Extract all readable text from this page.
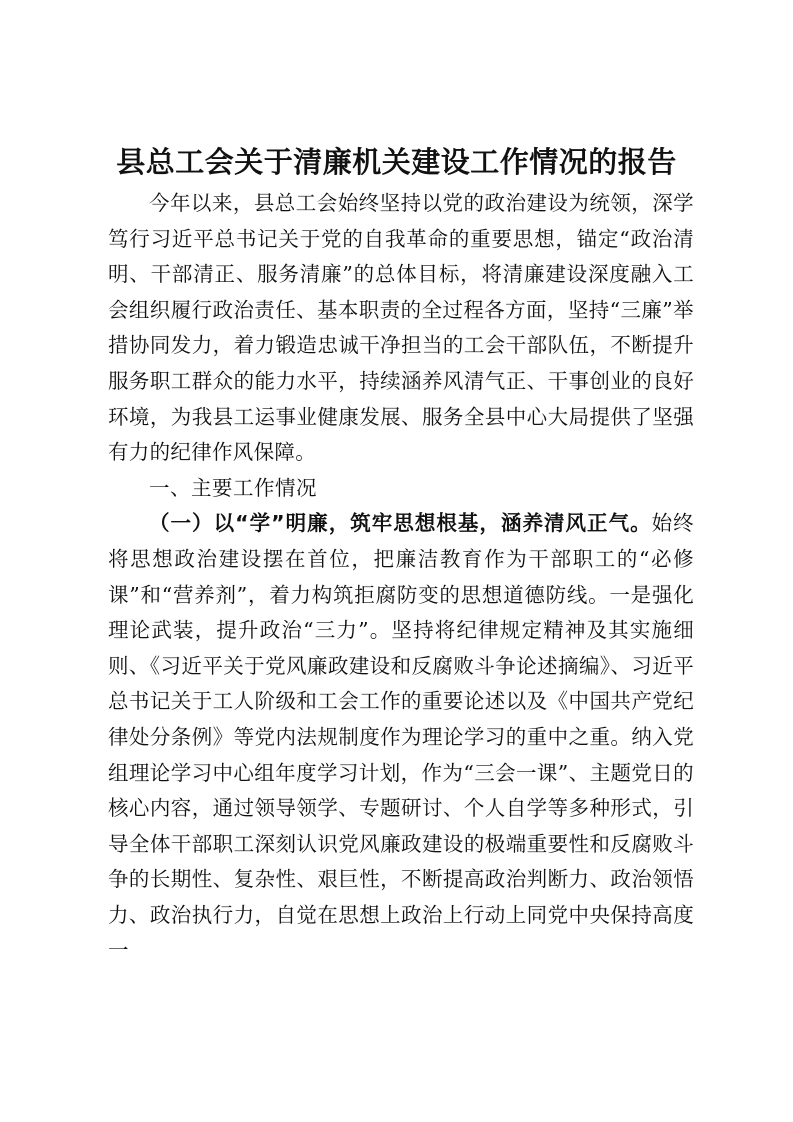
县总工会关于清廉机关建设工作情况的报告

今年以来，县总工会始终坚持以党的政治建设为统领，深学笃行习近平总书记关于党的自我革命的重要思想，锚定“政治清明、干部清正、服务清廉”的总体目标，将清廉建设深度融入工会组织履行政治责任、基本职责的全过程各方面，坚持“三廉”举措协同发力，着力锻造忠诚干净担当的工会干部队伍，不断提升服务职工群众的能力水平，持续涵养风清气正、干事创业的良好环境，为我县工运事业健康发展、服务全县中心大局提供了坚强有力的纪律作风保障。

一、主要工作情况

（一）以“学”明廉，筑牢思想根基，涵养清风正气。始终将思想政治建设摆在首位，把廉洁教育作为干部职工的“必修课”和“营养剂”，着力构筑拒腐防变的思想道德防线。一是强化理论武装，提升政治“三力”。坚持将纪律规定精神及其实施细则、《习近平关于党风廉政建设和反腐败斗争论述摘编》、习近平总书记关于工人阶级和工会工作的重要论述以及《中国共产党纪律处分条例》等党内法规制度作为理论学习的重中之重。纳入党组理论学习中心组年度学习计划，作为“三会一课”、主题党日的核心内容，通过领导领学、专题研讨、个人自学等多种形式，引导全体干部职工深刻认识党风廉政建设的极端重要性和反腐败斗争的长期性、复杂性、艰巨性，不断提高政治判断力、政治领悟力、政治执行力，自觉在思想上政治上行动上同党中央保持高度一
